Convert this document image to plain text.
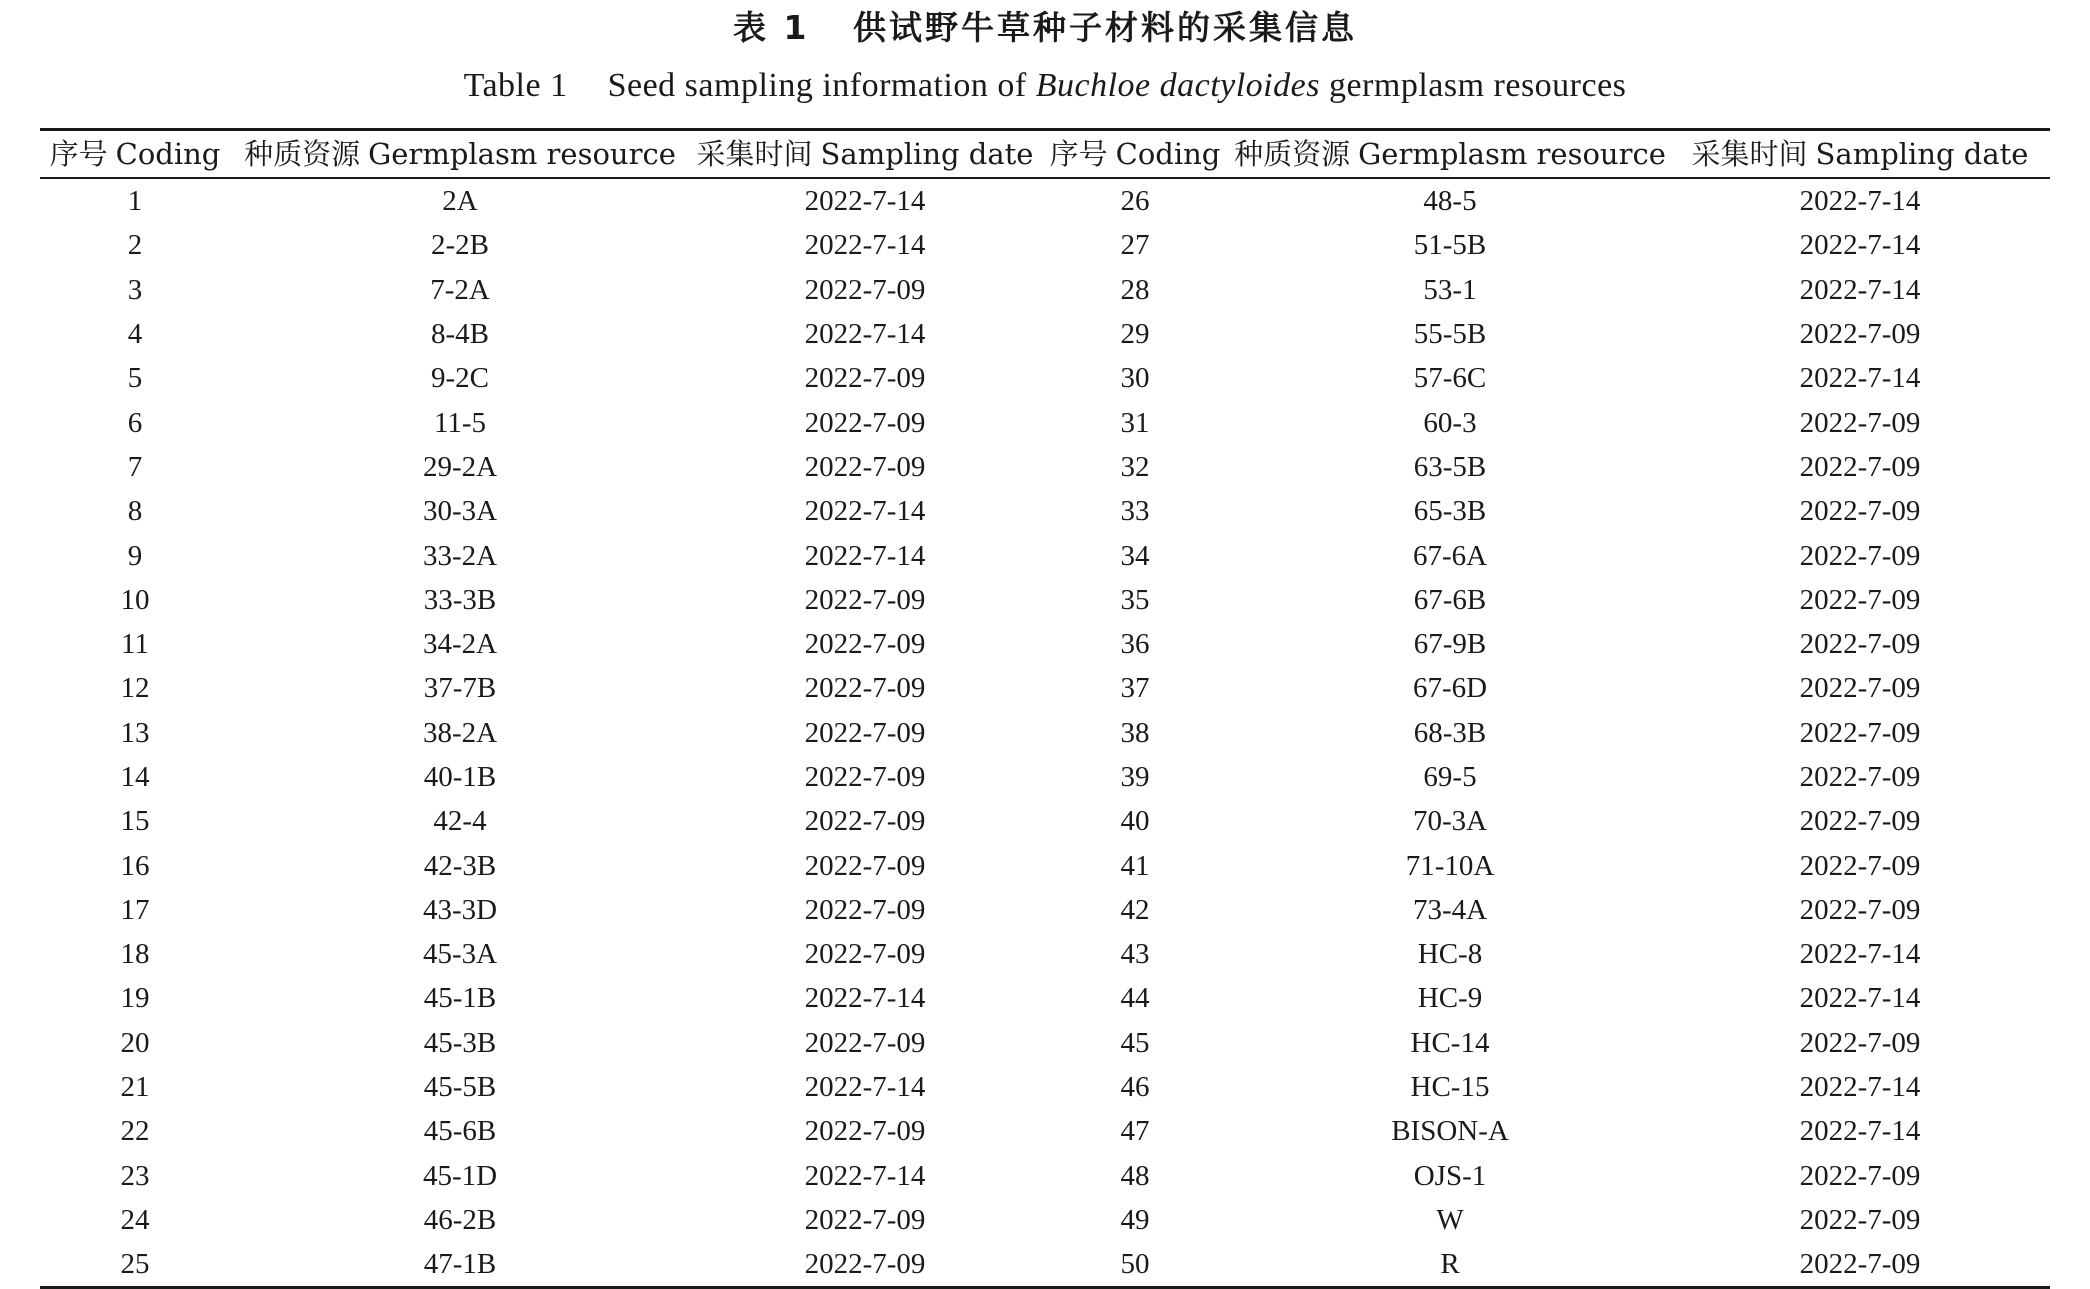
表 1 供试野牛草种子材料的采集信息
Table 1 Seed sampling information of Buchloe dactyloides germplasm resources
序号 Coding	种质资源 Germplasm resource	采集时间 Sampling date	序号 Coding	种质资源 Germplasm resource	采集时间 Sampling date
1	2A	2022-7-14	26	48-5	2022-7-14
2	2-2B	2022-7-14	27	51-5B	2022-7-14
3	7-2A	2022-7-09	28	53-1	2022-7-14
4	8-4B	2022-7-14	29	55-5B	2022-7-09
5	9-2C	2022-7-09	30	57-6C	2022-7-14
6	11-5	2022-7-09	31	60-3	2022-7-09
7	29-2A	2022-7-09	32	63-5B	2022-7-09
8	30-3A	2022-7-14	33	65-3B	2022-7-09
9	33-2A	2022-7-14	34	67-6A	2022-7-09
10	33-3B	2022-7-09	35	67-6B	2022-7-09
11	34-2A	2022-7-09	36	67-9B	2022-7-09
12	37-7B	2022-7-09	37	67-6D	2022-7-09
13	38-2A	2022-7-09	38	68-3B	2022-7-09
14	40-1B	2022-7-09	39	69-5	2022-7-09
15	42-4	2022-7-09	40	70-3A	2022-7-09
16	42-3B	2022-7-09	41	71-10A	2022-7-09
17	43-3D	2022-7-09	42	73-4A	2022-7-09
18	45-3A	2022-7-09	43	HC-8	2022-7-14
19	45-1B	2022-7-14	44	HC-9	2022-7-14
20	45-3B	2022-7-09	45	HC-14	2022-7-09
21	45-5B	2022-7-14	46	HC-15	2022-7-14
22	45-6B	2022-7-09	47	BISON-A	2022-7-14
23	45-1D	2022-7-14	48	OJS-1	2022-7-09
24	46-2B	2022-7-09	49	W	2022-7-09
25	47-1B	2022-7-09	50	R	2022-7-09
